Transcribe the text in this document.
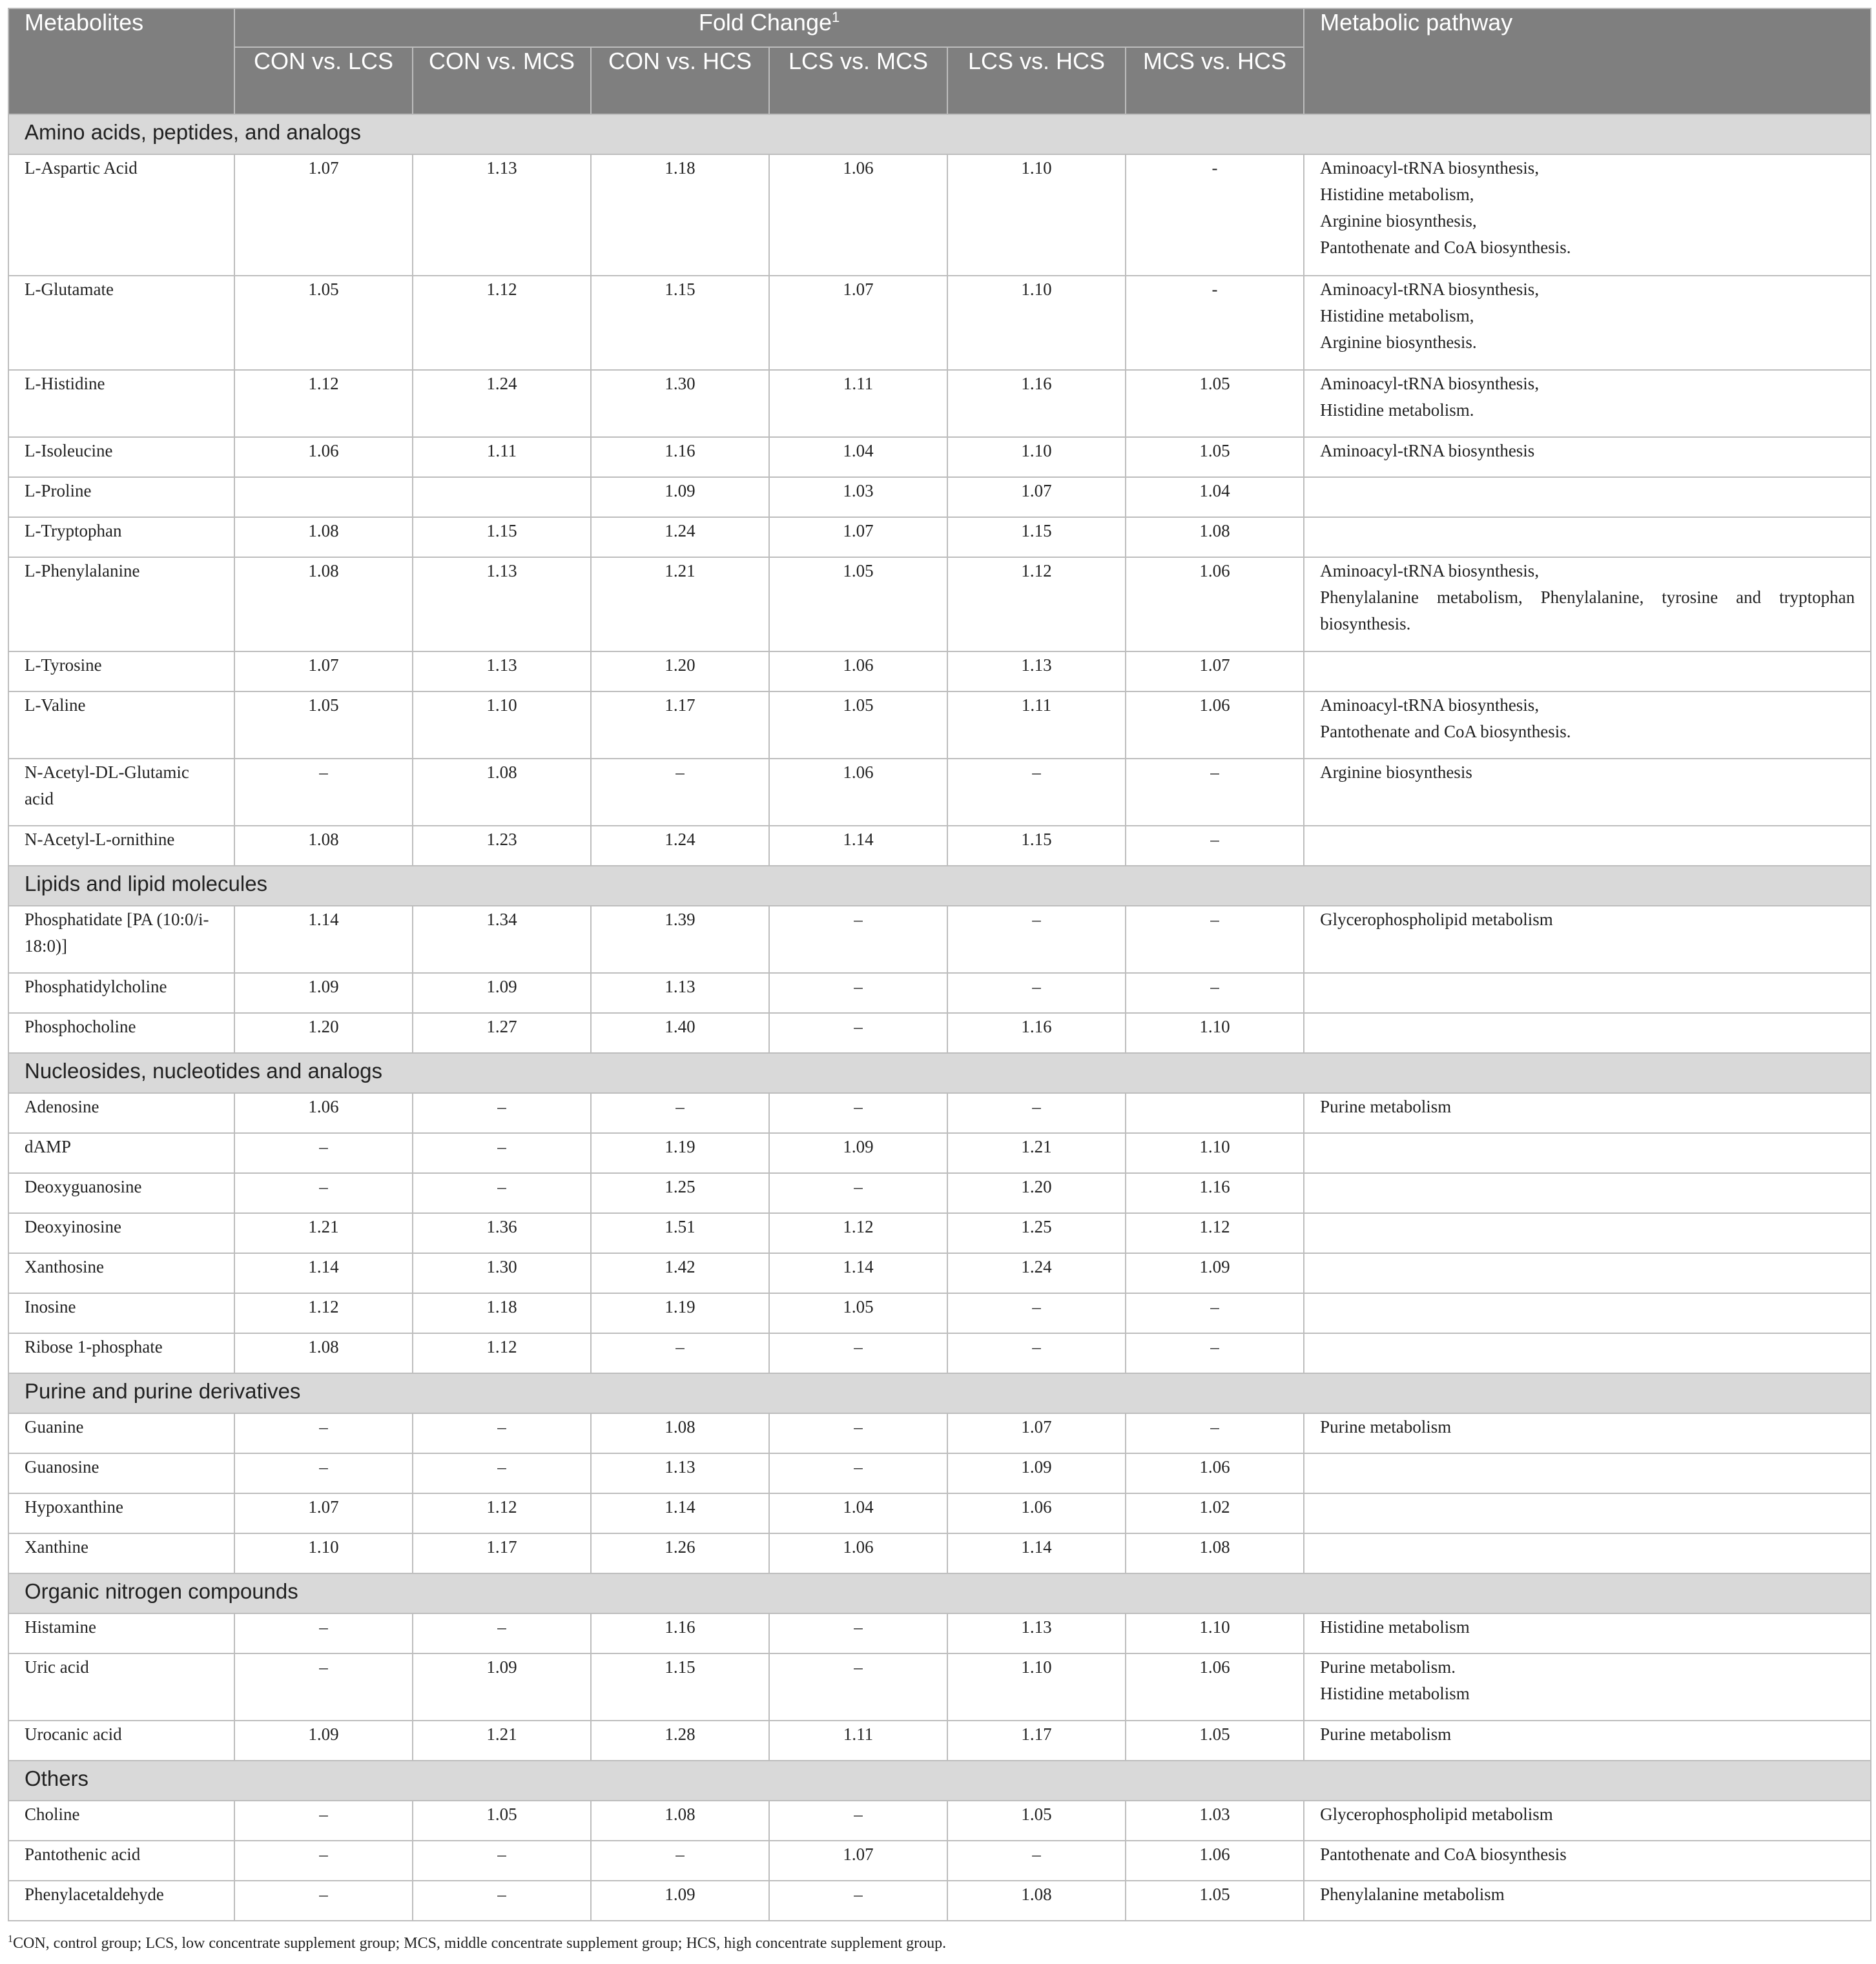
Metabolites	Fold Change$^1$						Metabolic pathway
	CON vs. LCS	CON vs. MCS	CON vs. HCS	LCS vs. MCS	LCS vs. HCS	MCS vs. HCS	
Amino acids, peptides, and analogs							
L-Aspartic Acid	1.07	1.13	1.18	1.06	1.10	-	Aminoacyl-tRNA biosynthesis,
Histidine metabolism,
Arginine biosynthesis,
Pantothenate and CoA biosynthesis.

L-Glutamate	1.05	1.12	1.15	1.07	1.10	-	Aminoacyl-tRNA biosynthesis,
Histidine metabolism,
Arginine biosynthesis.

L-Histidine	1.12	1.24	1.30	1.11	1.16	1.05	Aminoacyl-tRNA biosynthesis,
Histidine metabolism.

L-Isoleucine	1.06	1.11	1.16	1.04	1.10	1.05	Aminoacyl-tRNA biosynthesis

L-Proline			1.09	1.03	1.07	1.04	
L-Tryptophan	1.08	1.15	1.24	1.07	1.15	1.08	
L-Phenylalanine	1.08	1.13	1.21	1.05	1.12	1.06	Aminoacyl-tRNA biosynthesis,
Phenylalanine metabolism, Phenylalanine, tyrosine and tryptophan biosynthesis.

L-Tyrosine	1.07	1.13	1.20	1.06	1.13	1.07	
L-Valine	1.05	1.10	1.17	1.05	1.11	1.06	Aminoacyl-tRNA biosynthesis,
Pantothenate and CoA biosynthesis.

N-Acetyl-DL-Glutamic acid	–	1.08	–	1.06	–	–	Arginine biosynthesis

N-Acetyl-L-ornithine	1.08	1.23	1.24	1.14	1.15	–	
Lipids and lipid molecules							
Phosphatidate [PA (10:0/i-18:0)]	1.14	1.34	1.39	–	–	–	Glycerophospholipid metabolism

Phosphatidylcholine	1.09	1.09	1.13	–	–	–	
Phosphocholine	1.20	1.27	1.40	–	1.16	1.10	
Nucleosides, nucleotides and analogs							
Adenosine	1.06	–	–	–	–		Purine metabolism

dAMP	–	–	1.19	1.09	1.21	1.10	
Deoxyguanosine	–	–	1.25	–	1.20	1.16	
Deoxyinosine	1.21	1.36	1.51	1.12	1.25	1.12	
Xanthosine	1.14	1.30	1.42	1.14	1.24	1.09	
Inosine	1.12	1.18	1.19	1.05	–	–	
Ribose 1-phosphate	1.08	1.12	–	–	–	–	
Purine and purine derivatives							
Guanine	–	–	1.08	–	1.07	–	Purine metabolism

Guanosine	–	–	1.13	–	1.09	1.06	
Hypoxanthine	1.07	1.12	1.14	1.04	1.06	1.02	
Xanthine	1.10	1.17	1.26	1.06	1.14	1.08	
Organic nitrogen compounds							
Histamine	–	–	1.16	–	1.13	1.10	Histidine metabolism

Uric acid	–	1.09	1.15	–	1.10	1.06	Purine metabolism.
Histidine metabolism

Urocanic acid	1.09	1.21	1.28	1.11	1.17	1.05	Purine metabolism

Others							
Choline	–	1.05	1.08	–	1.05	1.03	Glycerophospholipid metabolism

Pantothenic acid	–	–	–	1.07	–	1.06	Pantothenate and CoA biosynthesis

Phenylacetaldehyde	–	–	1.09	–	1.08	1.05	Phenylalanine metabolism
$^1$CON, control group; LCS, low concentrate supplement group; MCS, middle concentrate supplement group; HCS, high concentrate supplement group.
